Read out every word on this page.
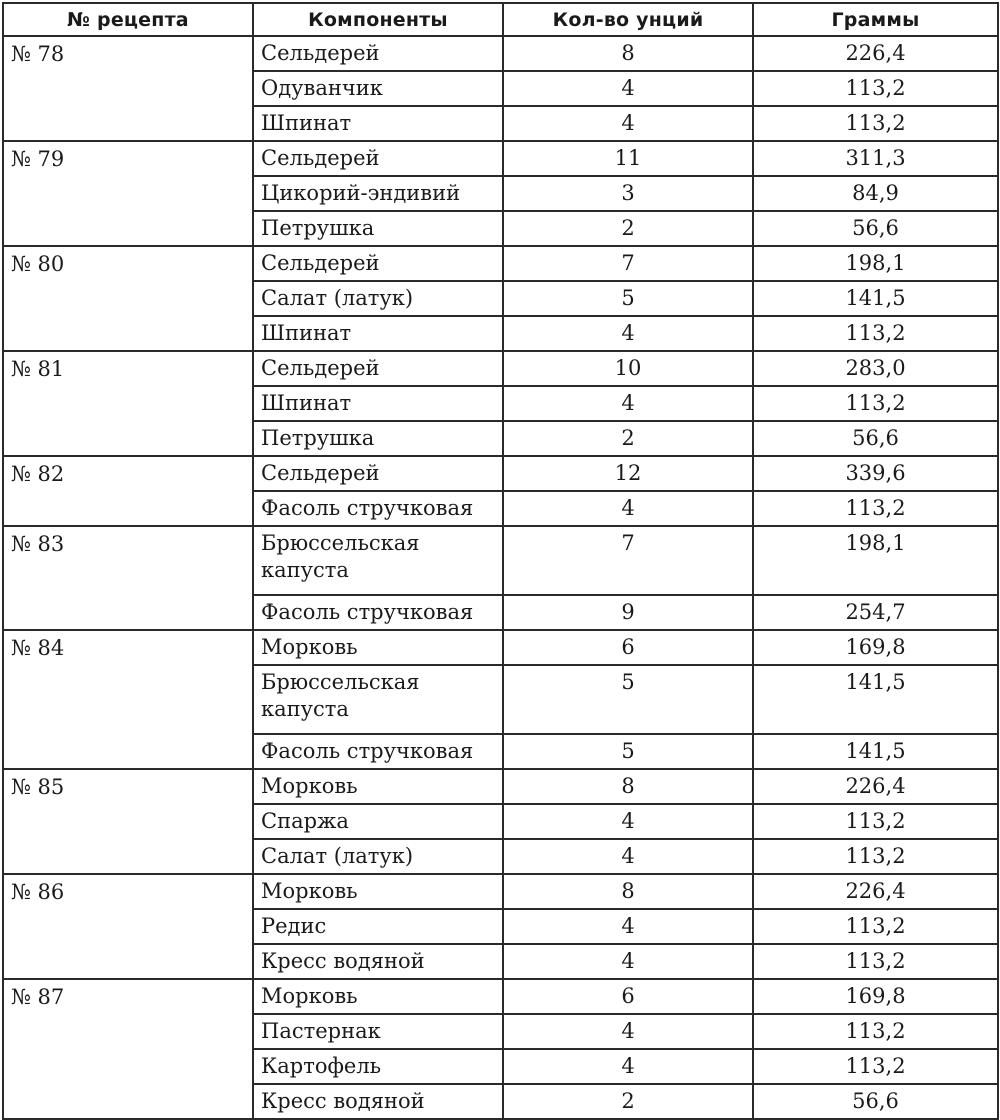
№ рецепта	Компоненты	Кол-во унций	Граммы
№ 78	Сельдерей	8	226,4
	Одуванчик	4	113,2
	Шпинат	4	113,2
№ 79	Сельдерей	11	311,3
	Цикорий-эндивий	3	84,9
	Петрушка	2	56,6
№ 80	Сельдерей	7	198,1
	Салат (латук)	5	141,5
	Шпинат	4	113,2
№ 81	Сельдерей	10	283,0
	Шпинат	4	113,2
	Петрушка	2	56,6
№ 82	Сельдерей	12	339,6
	Фасоль стручковая	4	113,2
№ 83	Брюссельская капуста	7	198,1
	Фасоль стручковая	9	254,7
№ 84	Морковь	6	169,8
	Брюссельская капуста	5	141,5
	Фасоль стручковая	5	141,5
№ 85	Морковь	8	226,4
	Спаржа	4	113,2
	Салат (латук)	4	113,2
№ 86	Морковь	8	226,4
	Редис	4	113,2
	Кресс водяной	4	113,2
№ 87	Морковь	6	169,8
	Пастернак	4	113,2
	Картофель	4	113,2
	Кресс водяной	2	56,6
